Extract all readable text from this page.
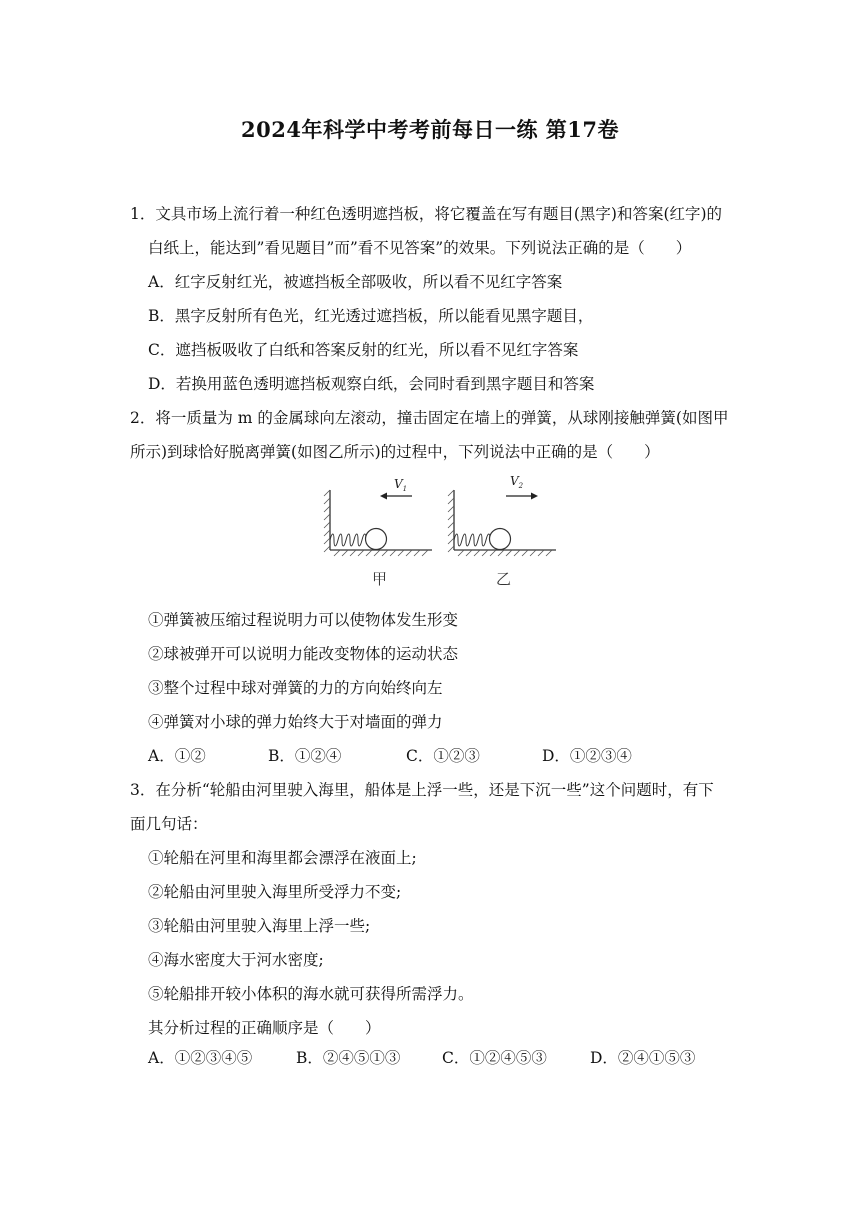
2024年科学中考考前每日一练 第17卷
1．文具市场上流行着一种红色透明遮挡板，将它覆盖在写有题目(黑字)和答案(红字)的
白纸上，能达到”看见题目”而”看不见答案”的效果。下列说法正确的是（　　）
A．红字反射红光，被遮挡板全部吸收，所以看不见红字答案
B．黑字反射所有色光，红光透过遮挡板，所以能看见黑字题目，
C．遮挡板吸收了白纸和答案反射的红光，所以看不见红字答案
D．若换用蓝色透明遮挡板观察白纸，会同时看到黑字题目和答案
2．将一质量为 m 的金属球向左滚动，撞击固定在墙上的弹簧，从球刚接触弹簧(如图甲
所示)到球恰好脱离弹簧(如图乙所示)的过程中，下列说法中正确的是（　　）
$V_1$
甲
$V_2$
乙
①弹簧被压缩过程说明力可以使物体发生形变
②球被弹开可以说明力能改变物体的运动状态
③整个过程中球对弹簧的力的方向始终向左
④弹簧对小球的弹力始终大于对墙面的弹力
A．①②	B．①②④	C．①②③	D．①②③④
3．在分析“轮船由河里驶入海里，船体是上浮一些，还是下沉一些”这个问题时，有下
面几句话：
①轮船在河里和海里都会漂浮在液面上;
②轮船由河里驶入海里所受浮力不变;
③轮船由河里驶入海里上浮一些;
④海水密度大于河水密度;
⑤轮船排开较小体积的海水就可获得所需浮力。
其分析过程的正确顺序是（　　）
A．①②③④⑤	B．②④⑤①③	C．①②④⑤③	D．②④①⑤③
